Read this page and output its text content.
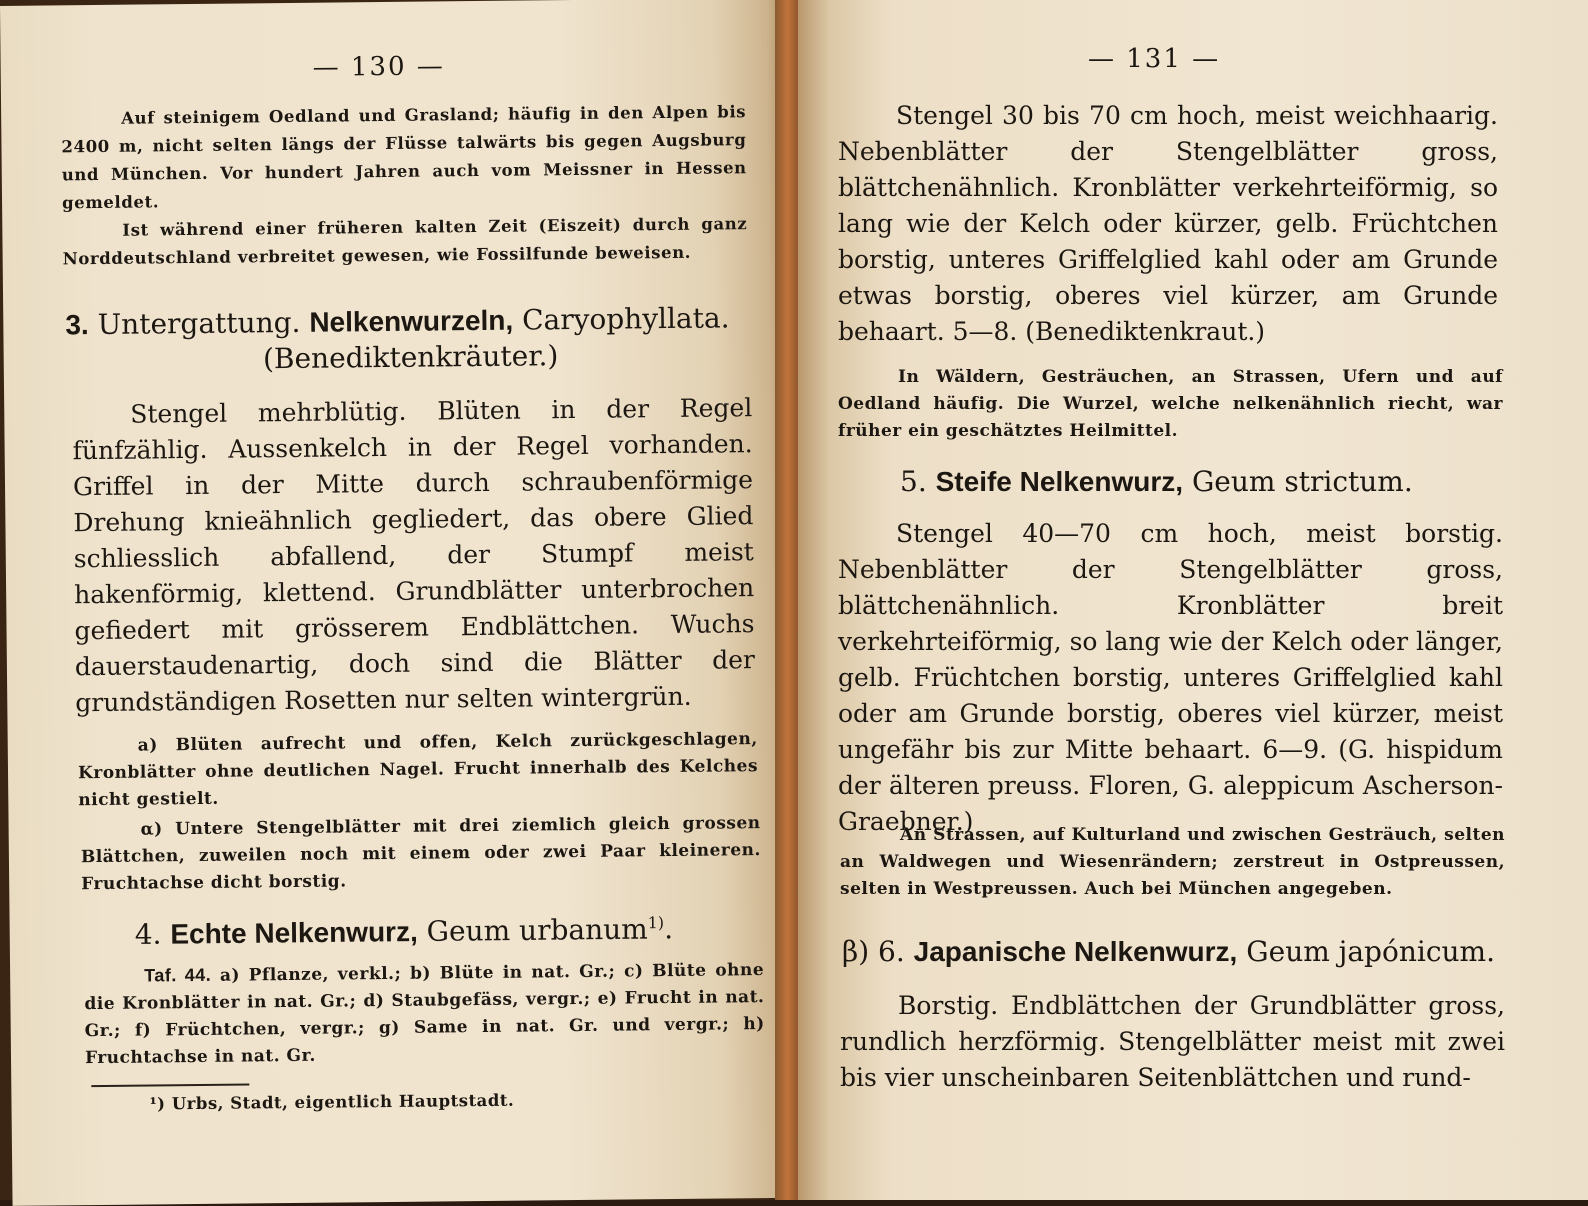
— 130 —

Auf steinigem Oedland und Grasland; häufig in den Alpen bis 2400 m, nicht selten längs der Flüsse talwärts bis gegen Augsburg und München. Vor hundert Jahren auch vom Meissner in Hessen gemeldet.

Ist während einer früheren kalten Zeit (Eiszeit) durch ganz Norddeutschland verbreitet gewesen, wie Fossilfunde beweisen.

3. Untergattung. Nelkenwurzeln, Caryophyllata.
(Benediktenkräuter.)

Stengel mehrblütig. Blüten in der Regel fünfzählig. Aussenkelch in der Regel vorhanden. Griffel in der Mitte durch schraubenförmige Drehung knieähnlich gegliedert, das obere Glied schliesslich abfallend, der Stumpf meist hakenförmig, klettend. Grundblätter unterbrochen gefiedert mit grösserem Endblättchen. Wuchs dauerstaudenartig, doch sind die Blätter der grundständigen Rosetten nur selten wintergrün.

a) Blüten aufrecht und offen, Kelch zurückgeschlagen, Kronblätter ohne deutlichen Nagel. Frucht innerhalb des Kelches nicht gestielt.

α) Untere Stengelblätter mit drei ziemlich gleich grossen Blättchen, zuweilen noch mit einem oder zwei Paar kleineren. Fruchtachse dicht borstig.

4. Echte Nelkenwurz, Geum urbanum$^{1)}$.

Taf. 44. a) Pflanze, verkl.; b) Blüte in nat. Gr.; c) Blüte ohne die Kronblätter in nat. Gr.; d) Staubgefäss, vergr.; e) Frucht in nat. Gr.; f) Früchtchen, vergr.; g) Same in nat. Gr. und vergr.; h) Fruchtachse in nat. Gr.

¹) Urbs, Stadt, eigentlich Hauptstadt.

— 131 —

Stengel 30 bis 70 cm hoch, meist weichhaarig. Nebenblätter der Stengelblätter gross, blättchenähnlich. Kronblätter verkehrteiförmig, so lang wie der Kelch oder kürzer, gelb. Früchtchen borstig, unteres Griffelglied kahl oder am Grunde etwas borstig, oberes viel kürzer, am Grunde behaart. 5—8. (Benediktenkraut.)

In Wäldern, Gesträuchen, an Strassen, Ufern und auf Oedland häufig. Die Wurzel, welche nelkenähnlich riecht, war früher ein geschätztes Heilmittel.

5. Steife Nelkenwurz, Geum strictum.

Stengel 40—70 cm hoch, meist borstig. Nebenblätter der Stengelblätter gross, blättchenähnlich. Kronblätter breit verkehrteiförmig, so lang wie der Kelch oder länger, gelb. Früchtchen borstig, unteres Griffelglied kahl oder am Grunde borstig, oberes viel kürzer, meist ungefähr bis zur Mitte behaart. 6—9. (G. hispidum der älteren preuss. Floren, G. aleppicum Ascherson-Graebner.)

An Strassen, auf Kulturland und zwischen Gesträuch, selten an Waldwegen und Wiesenrändern; zerstreut in Ostpreussen, selten in Westpreussen. Auch bei München angegeben.

β) 6. Japanische Nelkenwurz, Geum japónicum.

Borstig. Endblättchen der Grundblätter gross, rundlich herzförmig. Stengelblätter meist mit zwei bis vier unscheinbaren Seitenblättchen und rund-
